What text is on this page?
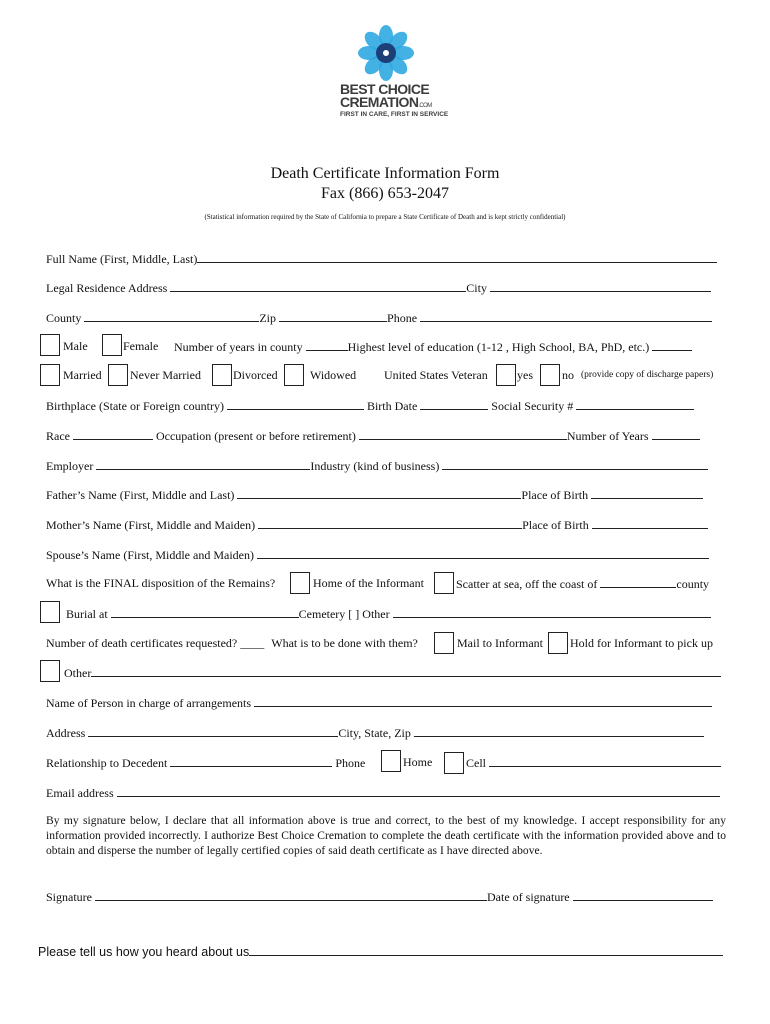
BEST CHOICE
CREMATION.COM
FIRST IN CARE, FIRST IN SERVICE
Death Certificate Information Form
Fax (866) 653-2047
(Statistical information required by the State of California to prepare a State Certificate of Death and is kept strictly confidential)
Full Name (First, Middle, Last)
Legal Residence Address	City
County	Zip	Phone
Male	Female Number of years in county	Highest level of education (1-12 , High School, BA, PhD, etc.)
Married Never Married	Divorced	Widowed United States Veteran yes no (provide copy of discharge papers)
Birthplace (State or Foreign country)	Birth Date	Social Security #
Race	Occupation (present or before retirement)	Number of Years
Employer	Industry (kind of business)
Father’s Name (First, Middle and Last)	Place of Birth
Mother’s Name (First, Middle and Maiden)	Place of Birth
Spouse’s Name (First, Middle and Maiden)
What is the FINAL disposition of the Remains?	Home of the Informant	Scatter at sea, off the coast of	county
Burial at	Cemetery [ ] Other
Number of death certificates requested? ____ What is to be done with them?	Mail to Informant Hold for Informant to pick up
Other
Name of Person in charge of arrangements
Address	City, State, Zip
Relationship to Decedent	Phone	Home	Cell
Email address
By my signature below, I declare that all information above is true and correct, to the best of my knowledge. I accept responsibility for any information provided incorrectly. I authorize Best Choice Cremation to complete the death certificate with the information provided above and to obtain and disperse the number of legally certified copies of said death certificate as I have directed above.
Signature	Date of signature
Please tell us how you heard about us
